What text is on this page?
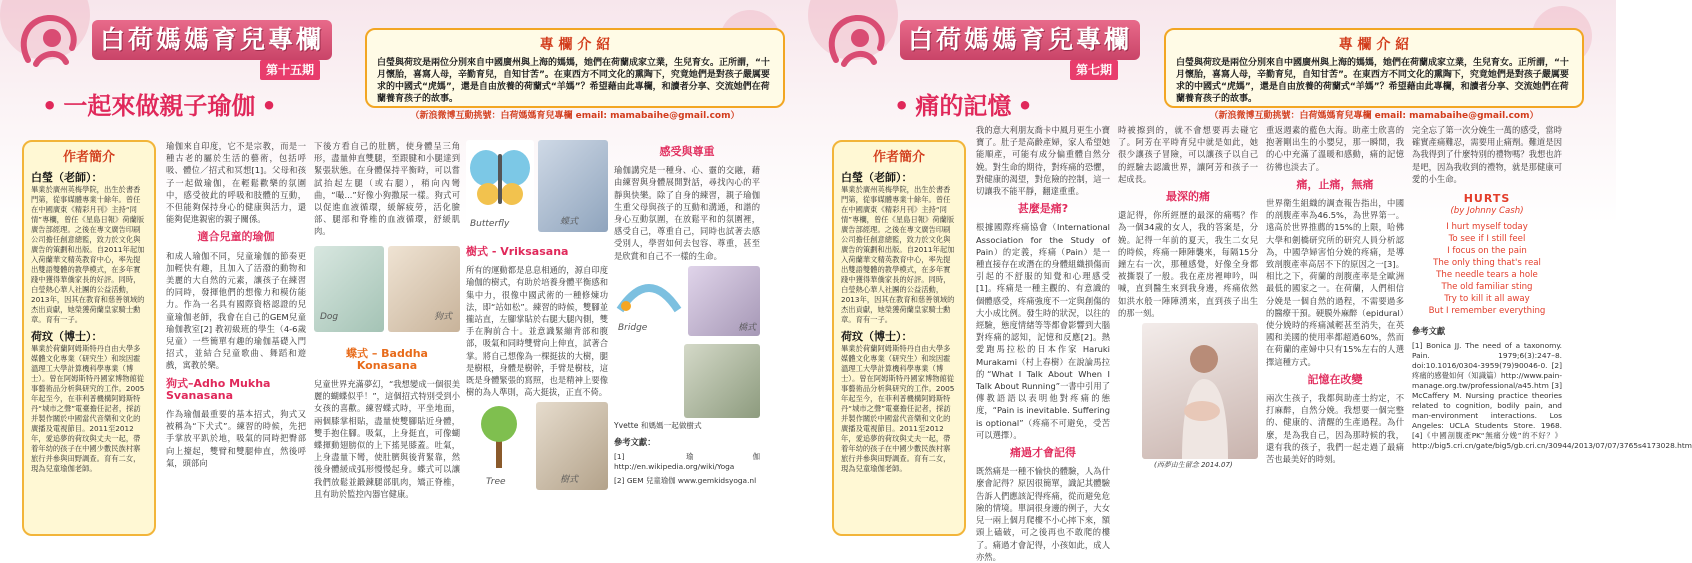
白荷媽媽育兒專欄
第十五期
• 一起來做親子瑜伽 •
專 欄 介 紹

白瑩與荷玟是兩位分別來自中國廣州與上海的媽媽，她們在荷蘭成家立業，生兒育女。正所謂，“十月懷胎，喜寫人母，辛勤育兒，自知甘苦”。在東西方不同文化的熏陶下，究竟她們是對孩子嚴厲要求的中國式“虎媽”，還是自由放養的荷蘭式“羊媽”？希望藉由此專欄，和讀者分享、交流她們在荷蘭養育孩子的故事。

（新浪微博互動挑號：白荷媽媽育兒專欄 email: mamabaihe@gmail.com）
作者簡介
白瑩（老師）：

畢業於廣州英梅學院，出生於書香門第，從事媒體專業十餘年。曾任在中國廣東《精彩月刊》主持“同情”專欄，曾任《星島日報》荷蘭版廣告部經理。之後在專文廣告印刷公司擔任創意總監，致力於文化與廣告的策劃和出版。自2011年起加入荷蘭華文精英教育中心，率先提出雙語雙體的教學模式，在多年實踐中獲得華僑家長的好評。同時，白瑩熱心華人社團的公益活動，2013年，因其在教育和慈善領域的杰出貢獻，她榮獲荷蘭皇家騎士勳章。育有一子。

荷玟（博士）：

畢業於荷蘭阿姆斯特丹自由大學多媒體文化專業（研究生）和埃因霍溫理工大學計算機科學專業（博士）。曾在阿姆斯特丹國家博物館從事藝術品分析與研究的工作。2005年起至今，在菲利普機構阿姆斯特丹“城市之聲”電臺擔任記者，採訪并製作關於中國當代音樂和文化的廣播及電視節目。2011至2012年，愛追夢的荷玟與丈夫一起，帶着年幼的孩子在中國少數民族村寨旅行并參與田野調查。育有二女，現為兒童瑜伽老師。

瑜伽來自印度，它不是宗教，而是一種古老的屬於生活的藝術，包括呼吸、體位／招式和冥想[1]。父母和孩子一起做瑜伽，在輕鬆歡樂的氛圍中，感受彼此的呼吸和肢體的互動，不但能夠保持身心的健康與活力，還能夠促進親密的親子關係。

適合兒童的瑜伽

和成人瑜伽不同，兒童瑜伽的節奏更加輕快有趣，且加入了活潑的動物和美麗的大自然的元素，讓孩子在練習的同時，發揮他們的想像力和模仿能力。作為一名具有國際資格認證的兒童瑜伽老師，我會在自己的GEM兒童瑜伽教室[2] 教初級班的學生（4-6歲兒童）一些簡單有趣的瑜伽基礎入門招式，並結合兒童歌曲、舞蹈和遊戲，寓教於樂。

狗式–Adho Mukha Svanasana

作為瑜伽最重要的基本招式，狗式又被稱為“下犬式”。練習的時候，先把手掌放平趴於地，吸氣的同時把臀部向上擡起，雙臂和雙腿伸直，然後呼氣，頭部向

下後方看自己的肚臍，使身體呈三角形，盡量伸直雙腿，至跟腱和小腿達到緊張狀態。在身體保持平衡時，可以嘗試抬起左腿（或右腿），稍向內彎曲，“嘬...”好像小狗撒尿一樣。狗式可以促進血液循環，緩解疲勞，活化臉部、腿部和脊椎的血液循環，舒緩肌肉。

Dog	狗式
蝶式 – Baddha Konasana

兒童世界充滿夢幻，“我想變成一個很美麗的蝴蝶似乎！”，這個招式特別受到小女孩的喜歡。練習蝶式時，平坐地面，兩個膝掌相貼，盡量使雙腳貼近身體，雙手抱住腳。吸氣，上身挺直，可像蝴蝶揮動翅膀似的上下搖晃膝蓋。吐氣，上身盡量下彎，使肚臍與後背緊靠，然後身體緩成弧形慢慢起身。蝶式可以讓我們放鬆並鍛鍊腿部肌肉，矯正脊椎，且有助於監控內器官健康。

Butterfly	蝶式
樹式 - Vriksasana

所有的運動都是息息相通的，源自印度瑜伽的樹式，有助於培養身體平衡感和集中力，很像中國武術的一種修煉功法，即“站如松”。練習的時候，雙腳並攏站直，左腳掌貼於右腿大腿內側，雙手在胸前合十。並意識緊繃背部和腹部，吸氣和同時雙臂向上伸直，試著合掌。將自己想像為一棵挺拔的大樹，腿是樹根，身體是樹幹，手臂是樹枝，這既是身體緊張的寫照，也是精神上要像樹的為人準則，高大挺拔，正直不倚。

Tree	樹式
感受與尊重

瑜伽講究是一種身、心、靈的交融，藉由練習與身體展開對話，尋找內心的平靜與快樂。除了自身的練習，親子瑜伽生重父母與孩子的互動和溝通，和諧的身心互動氛圍，在放鬆平和的氛圍裡，感受自己，尊重自己，同時也試著去感受別人，學習如何去包容、尊重，甚至是欣賞和自己不一樣的生命。

Bridge	橋式

Yvette 和媽媽一起做樹式

參考文獻：

[1] 瑜伽 http://en.wikipedia.org/wiki/Yoga

[2] GEM 兒童瑜伽 www.gemkidsyoga.nl

白荷媽媽育兒專欄
第七期
• 痛的記憶 •
專 欄 介 紹

白瑩與荷玟是兩位分別來自中國廣州與上海的媽媽，她們在荷蘭成家立業，生兒育女。正所謂，“十月懷胎，喜寫人母，辛勤育兒，自知甘苦”。在東西方不同文化的熏陶下，究竟她們是對孩子嚴厲要求的中國式“虎媽”，還是自由放養的荷蘭式“羊媽”？希望藉由此專欄，和讀者分享、交流她們在荷蘭養育孩子的故事。

（新浪微博互動挑號：白荷媽媽育兒專欄 email: mamabaihe@gmail.com）
作者簡介
白瑩（老師）：

畢業於廣州英梅學院，出生於書香門第，從事媒體專業十餘年。曾任在中國廣東《精彩月刊》主持“同情”專欄，曾任《星島日報》荷蘭版廣告部經理。之後在專文廣告印刷公司擔任創意總監，致力於文化與廣告的策劃和出版。自2011年起加入荷蘭華文精英教育中心，率先提出雙語雙體的教學模式，在多年實踐中獲得華僑家長的好評。同時，白瑩熱心華人社團的公益活動，2013年，因其在教育和慈善領域的杰出貢獻，她榮獲荷蘭皇家騎士勳章。育有一子。

荷玟（博士）：

畢業於荷蘭阿姆斯特丹自由大學多媒體文化專業（研究生）和埃因霍溫理工大學計算機科學專業（博士）。曾在阿姆斯特丹國家博物館從事藝術品分析與研究的工作。2005年起至今，在菲利普機構阿姆斯特丹“城市之聲”電臺擔任記者，採訪并製作關於中國當代音樂和文化的廣播及電視節目。2011至2012年，愛追夢的荷玟與丈夫一起，帶着年幼的孩子在中國少數民族村寨旅行并參與田野調查。育有二女，現為兒童瑜伽老師。

我的意大利朋友喬卡中風月更生小寶寶了。肚子是高齡產婦，家人希望她能順產，可能有成分偏重體自然分娩。對生命的期待，對疼痛的恐懼，對健康的渴望，對危險的控制，這一切讓我不能平靜，翻達重重。

甚麼是痛?

根據國際疼痛協會（International Association for the Study of Pain）的定義，疼痛（Pain）是一種直接存在或潛在的身體組織損傷而引起的不舒服的知覺和心理感受[1]。疼痛是一種主觀的、有意識的個體感受，疼痛強度不一定與創傷的大小成比例。發生時的狀況，以往的經驗，態度情緒等等都會影響到大腦對疼痛的認知，記憶和反應[2]。熱愛跑馬拉松的日本作家 Haruki Murakami（村上春樹）在說論馬拉的“What I Talk About When I Talk About Running”一書中引用了傳教語語以表明他對疼痛的態度，“Pain is inevitable. Suffering is optional”（疼痛不可避免，受苦可以選擇）。

痛過才會記得

既然痛是一種不愉快的體驗，人為什麼會記得？原因很簡單，識記其體驗告訴人們應該記得疼痛，從而避免危險的情境。單詞很身邊的例子，大女兒一兩上個月爬樓不小心摔下來，額頭上磕破，可之後再也不敢爬的樓了。痛過才會記得，小孩如此，成人亦然。

時被擦到的，就不會想要再去碰它了。阿芳在平時育兒中就是如此，她很少讓孩子冒險，可以讓孩子以自己的經驗去認識世界，讓阿芳和孩子一起成長。

最深的痛

還記得，你所經歷的最深的痛嗎？作為一個34歲的女人，我的答案是，分娩。記得一年前的夏天，我生二女兒的時候，疼痛一陣陣襲來，每隔15分鐘左右一次，那種感覺，好像全身都被撕裂了一般。我在產房裡呻吟，叫喊，直到醫生來到我身邊，疼痛依然如洪水般一陣陣湧來，直到孩子出生的那一刻。

(西夢由生留念 2014.07)

重返週素的藍色大海。助產士欣喜的抱著剛出生的小嬰兒，那一瞬間，我的心中充滿了溫暖和感動，痛的記憶彷彿也淡去了。

痛，止痛，無痛

世界衛生組織的調查報告指出，中國的剖腹產率為46.5%，為世界第一。遠高於世界推薦的15%的上限，哈佛大學和劍橋研究所的研究人員分析認為，中國孕婦害怕分娩的疼痛，是導致剖腹產率高居不下的原因之一[3]。相比之下，荷蘭的剖腹產率是全歐洲最低的國家之一。在荷蘭，人們相信分娩是一個自然的過程，不需要過多的醫療干預。硬膜外麻醉（epidural）使分娩時的疼痛減輕甚至消失，在英國和美國的使用率都超過60%，然而在荷蘭的產婦中只有15%左右的人選擇這種方式。

記憶在改變

兩次生孩子，我都與助產士約定，不打麻醉，自然分娩。我想要一個完整的、健康的、清醒的生產過程。為什麼，是為我自己，因為那時候的我，還有我的孩子，我們一起走過了最痛苦也最美好的時刻。

完全忘了第一次分娩生一萬的感受，當時確實產痛難忍，需要用止痛劑。難道是因為我得到了什麼特別的禮物嗎？我想也許是吧，因為我收到的禮物，就是那健康可愛的小生命。

HURTS
(by Johnny Cash)
I hurt myself today
To see if I still feel
I focus on the pain
The only thing that's real
The needle tears a hole
The old familiar sting
Try to kill it all away
But I remember everything

參考文獻

[1] Bonica JJ. The need of a taxonomy. Pain. 1979;6(3):247–8. doi:10.1016/0304-3959(79)90046-0. [2] 疼痛的感覺如何（知識篇）http://www.pain-manage.org.tw/professional/a45.htm [3] McCaffery M. Nursing practice theories related to cognition, bodily pain, and man-environment interactions. Los Angeles: UCLA Students Store. 1968. [4]《中國剖腹產PK“無痛分娩”的不好？》http://big5.cri.cn/gate/big5/gb.cri.cn/30944/2013/07/07/3765s4173028.htm
